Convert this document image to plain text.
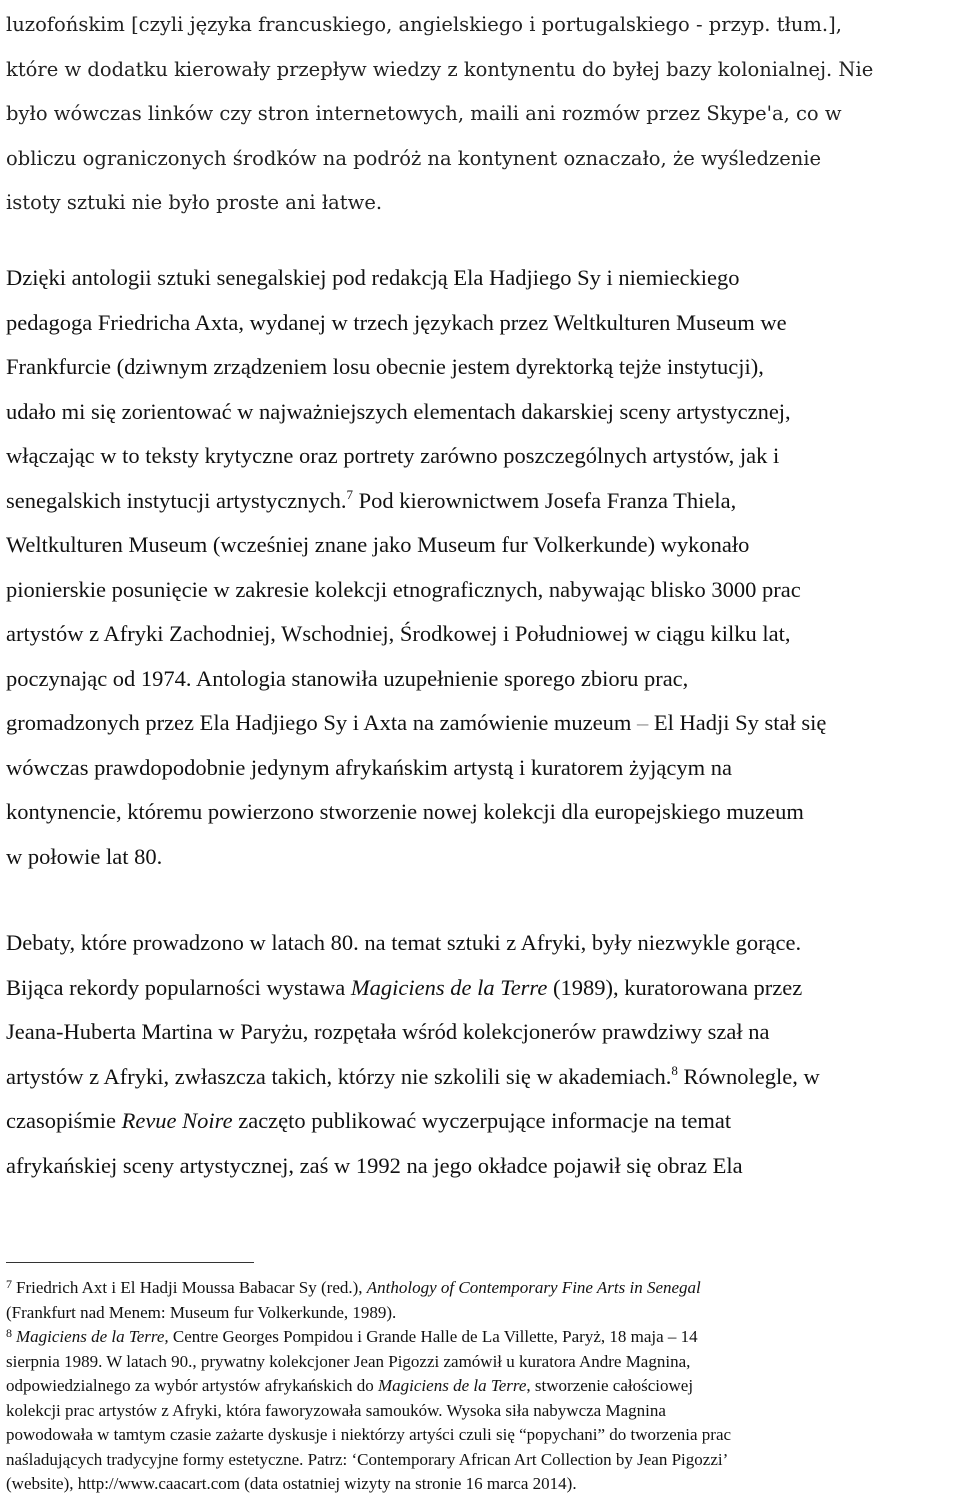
luzofońskim [czyli języka francuskiego, angielskiego i portugalskiego - przyp. tłum.],
które w dodatku kierowały przepływ wiedzy z kontynentu do byłej bazy kolonialnej. Nie
było wówczas linków czy stron internetowych, maili ani rozmów przez Skype'a, co w
obliczu ograniczonych środków na podróż na kontynent oznaczało, że wyśledzenie
istoty sztuki nie było proste ani łatwe.
Dzięki antologii sztuki senegalskiej pod redakcją Ela Hadjiego Sy i niemieckiego
pedagoga Friedricha Axta, wydanej w trzech językach przez Weltkulturen Museum we
Frankfurcie (dziwnym zrządzeniem losu obecnie jestem dyrektorką tejże instytucji),
udało mi się zorientować w najważniejszych elementach dakarskiej sceny artystycznej,
włączając w to teksty krytyczne oraz portrety zarówno poszczególnych artystów, jak i
senegalskich instytucji artystycznych.$^7$ Pod kierownictwem Josefa Franza Thiela,
Weltkulturen Museum (wcześniej znane jako Museum fur Volkerkunde) wykonało
pionierskie posunięcie w zakresie kolekcji etnograficznych, nabywając blisko 3000 prac
artystów z Afryki Zachodniej, Wschodniej, Środkowej i Południowej w ciągu kilku lat,
poczynając od 1974. Antologia stanowiła uzupełnienie sporego zbioru prac,
gromadzonych przez Ela Hadjiego Sy i Axta na zamówienie muzeum – El Hadji Sy stał się
wówczas prawdopodobnie jedynym afrykańskim artystą i kuratorem żyjącym na
kontynencie, któremu powierzono stworzenie nowej kolekcji dla europejskiego muzeum
w połowie lat 80.
Debaty, które prowadzono w latach 80. na temat sztuki z Afryki, były niezwykle gorące.
Bijąca rekordy popularności wystawa Magiciens de la Terre (1989), kuratorowana przez
Jeana-Huberta Martina w Paryżu, rozpętała wśród kolekcjonerów prawdziwy szał na
artystów z Afryki, zwłaszcza takich, którzy nie szkolili się w akademiach.$^8$ Równolegle, w
czasopiśmie Revue Noire zaczęto publikować wyczerpujące informacje na temat
afrykańskiej sceny artystycznej, zaś w 1992 na jego okładce pojawił się obraz Ela
$^7$ Friedrich Axt i El Hadji Moussa Babacar Sy (red.), Anthology of Contemporary Fine Arts in Senegal
(Frankfurt nad Menem: Museum fur Volkerkunde, 1989).
$^8$ Magiciens de la Terre, Centre Georges Pompidou i Grande Halle de La Villette, Paryż, 18 maja – 14
sierpnia 1989. W latach 90., prywatny kolekcjoner Jean Pigozzi zamówił u kuratora Andre Magnina,
odpowiedzialnego za wybór artystów afrykańskich do Magiciens de la Terre, stworzenie całościowej
kolekcji prac artystów z Afryki, która faworyzowała samouków. Wysoka siła nabywcza Magnina
powodowała w tamtym czasie zażarte dyskusje i niektórzy artyści czuli się “popychani” do tworzenia prac
naśladujących tradycyjne formy estetyczne. Patrz: ‘Contemporary African Art Collection by Jean Pigozzi’
(website), http://www.caacart.com (data ostatniej wizyty na stronie 16 marca 2014).
